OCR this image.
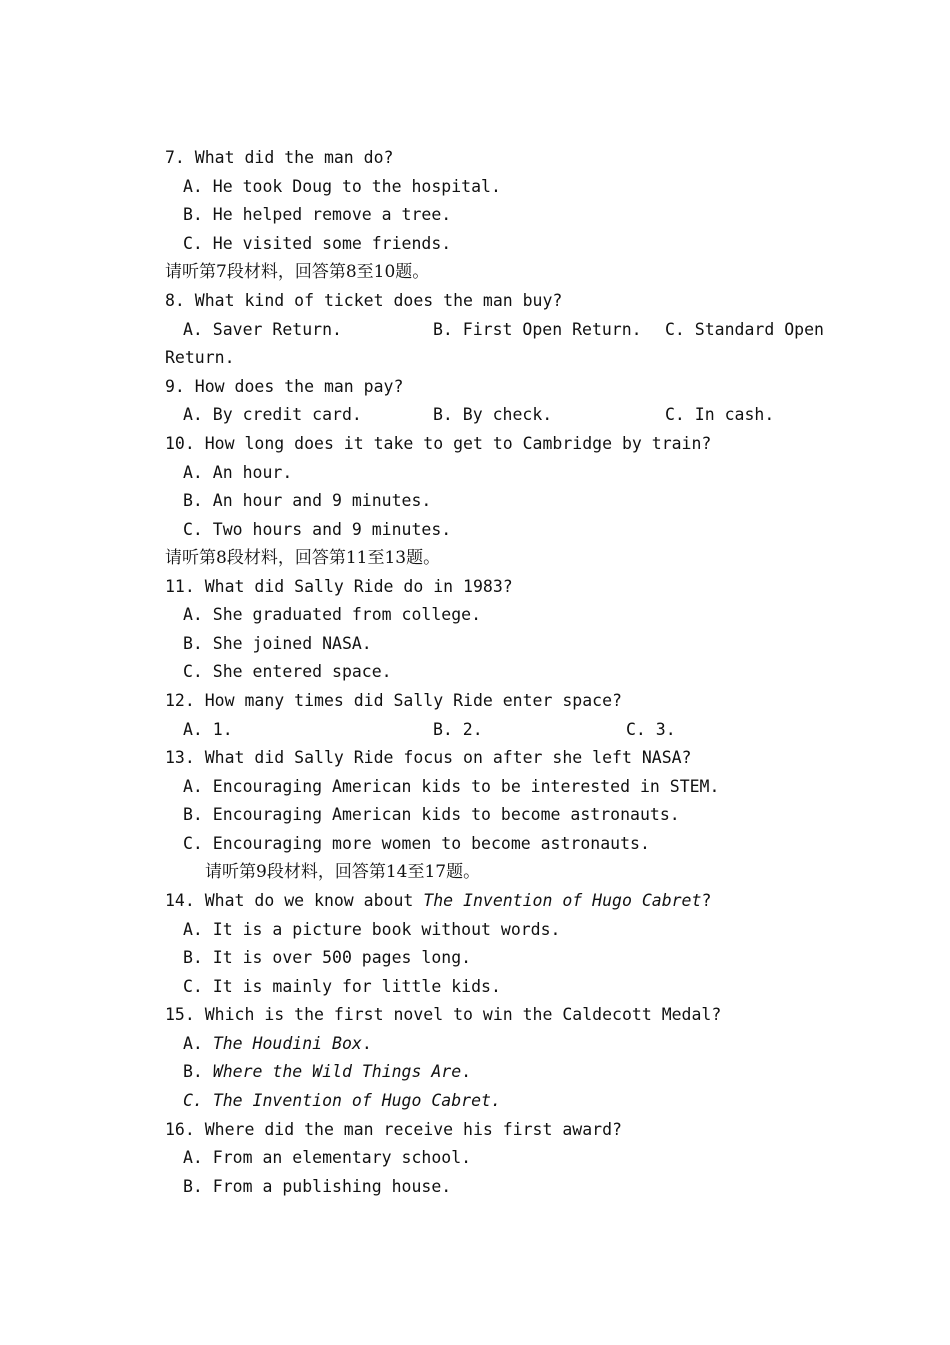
7. What did the man do?
A. He took Doug to the hospital.
B. He helped remove a tree.
C. He visited some friends.
请听第7段材料，回答第8至10题。
8. What kind of ticket does the man buy?
A. Saver Return.	B. First Open Return. C. Standard Open
Return.
9. How does the man pay?
A. By credit card.	B. By check.	C. In cash.
10. How long does it take to get to Cambridge by train?
A. An hour.
B. An hour and 9 minutes.
C. Two hours and 9 minutes.
请听第8段材料，回答第11至13题。
11. What did Sally Ride do in 1983?
A. She graduated from college.
B. She joined NASA.
C. She entered space.
12. How many times did Sally Ride enter space?
A. 1.	B. 2.	C. 3.
13. What did Sally Ride focus on after she left NASA?
A. Encouraging American kids to be interested in STEM.
B. Encouraging American kids to become astronauts.
C. Encouraging more women to become astronauts.
请听第9段材料，回答第14至17题。
14. What do we know about The Invention of Hugo Cabret?
A. It is a picture book without words.
B. It is over 500 pages long.
C. It is mainly for little kids.
15. Which is the first novel to win the Caldecott Medal?
A. The Houdini Box.
B. Where the Wild Things Are.
C. The Invention of Hugo Cabret.
16. Where did the man receive his first award?
A. From an elementary school.
B. From a publishing house.
